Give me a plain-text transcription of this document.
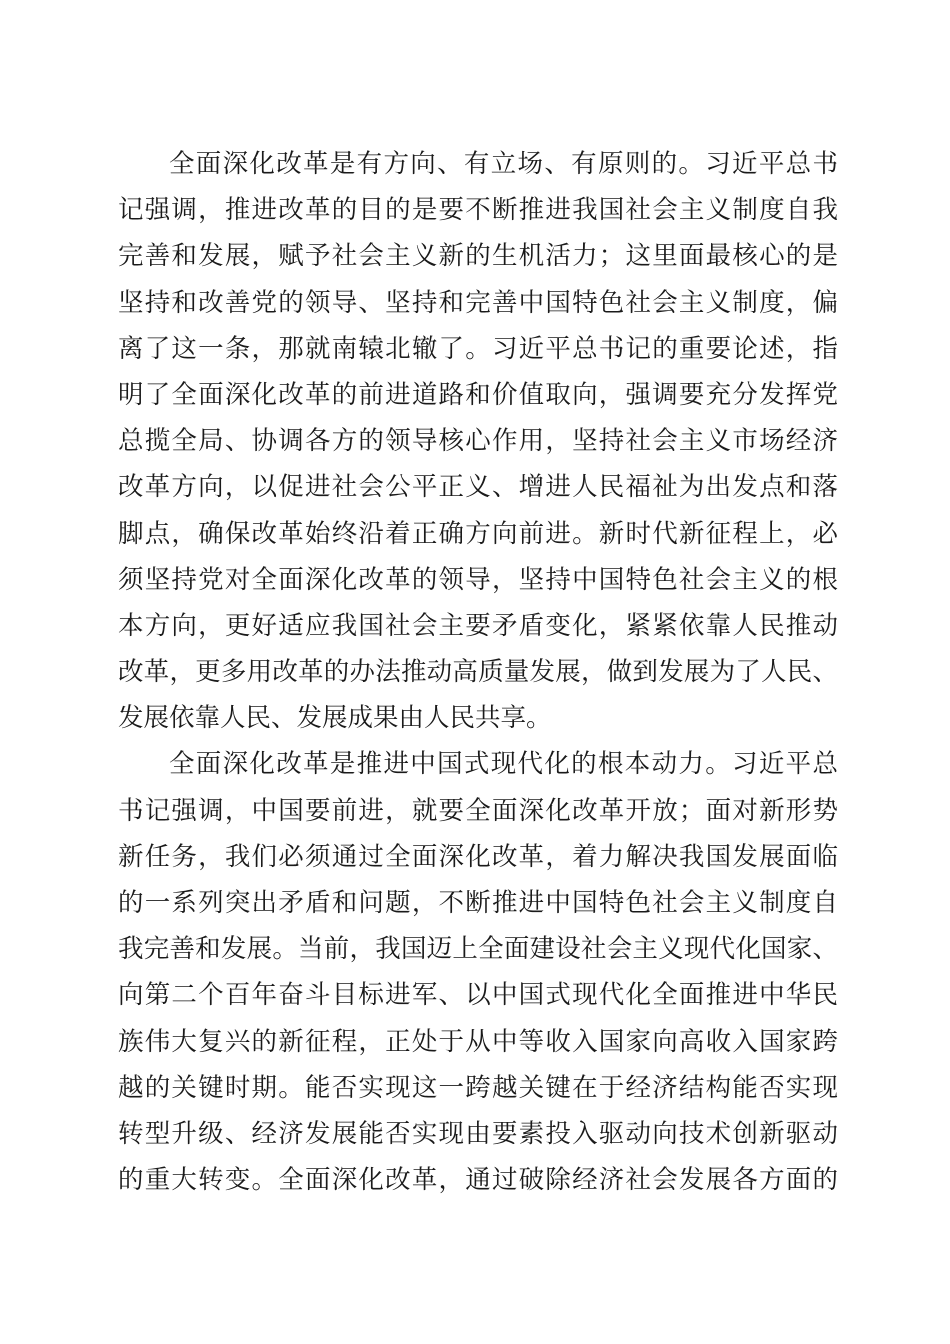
全面深化改革是有方向、有立场、有原则的。习近平总书
记强调，推进改革的目的是要不断推进我国社会主义制度自我
完善和发展，赋予社会主义新的生机活力；这里面最核心的是
坚持和改善党的领导、坚持和完善中国特色社会主义制度，偏
离了这一条，那就南辕北辙了。习近平总书记的重要论述，指
明了全面深化改革的前进道路和价值取向，强调要充分发挥党
总揽全局、协调各方的领导核心作用，坚持社会主义市场经济
改革方向，以促进社会公平正义、增进人民福祉为出发点和落
脚点，确保改革始终沿着正确方向前进。新时代新征程上，必
须坚持党对全面深化改革的领导，坚持中国特色社会主义的根
本方向，更好适应我国社会主要矛盾变化，紧紧依靠人民推动
改革，更多用改革的办法推动高质量发展，做到发展为了人民、
发展依靠人民、发展成果由人民共享。
全面深化改革是推进中国式现代化的根本动力。习近平总
书记强调，中国要前进，就要全面深化改革开放；面对新形势
新任务，我们必须通过全面深化改革，着力解决我国发展面临
的一系列突出矛盾和问题，不断推进中国特色社会主义制度自
我完善和发展。当前，我国迈上全面建设社会主义现代化国家、
向第二个百年奋斗目标进军、以中国式现代化全面推进中华民
族伟大复兴的新征程，正处于从中等收入国家向高收入国家跨
越的关键时期。能否实现这一跨越关键在于经济结构能否实现
转型升级、经济发展能否实现由要素投入驱动向技术创新驱动
的重大转变。全面深化改革，通过破除经济社会发展各方面的
